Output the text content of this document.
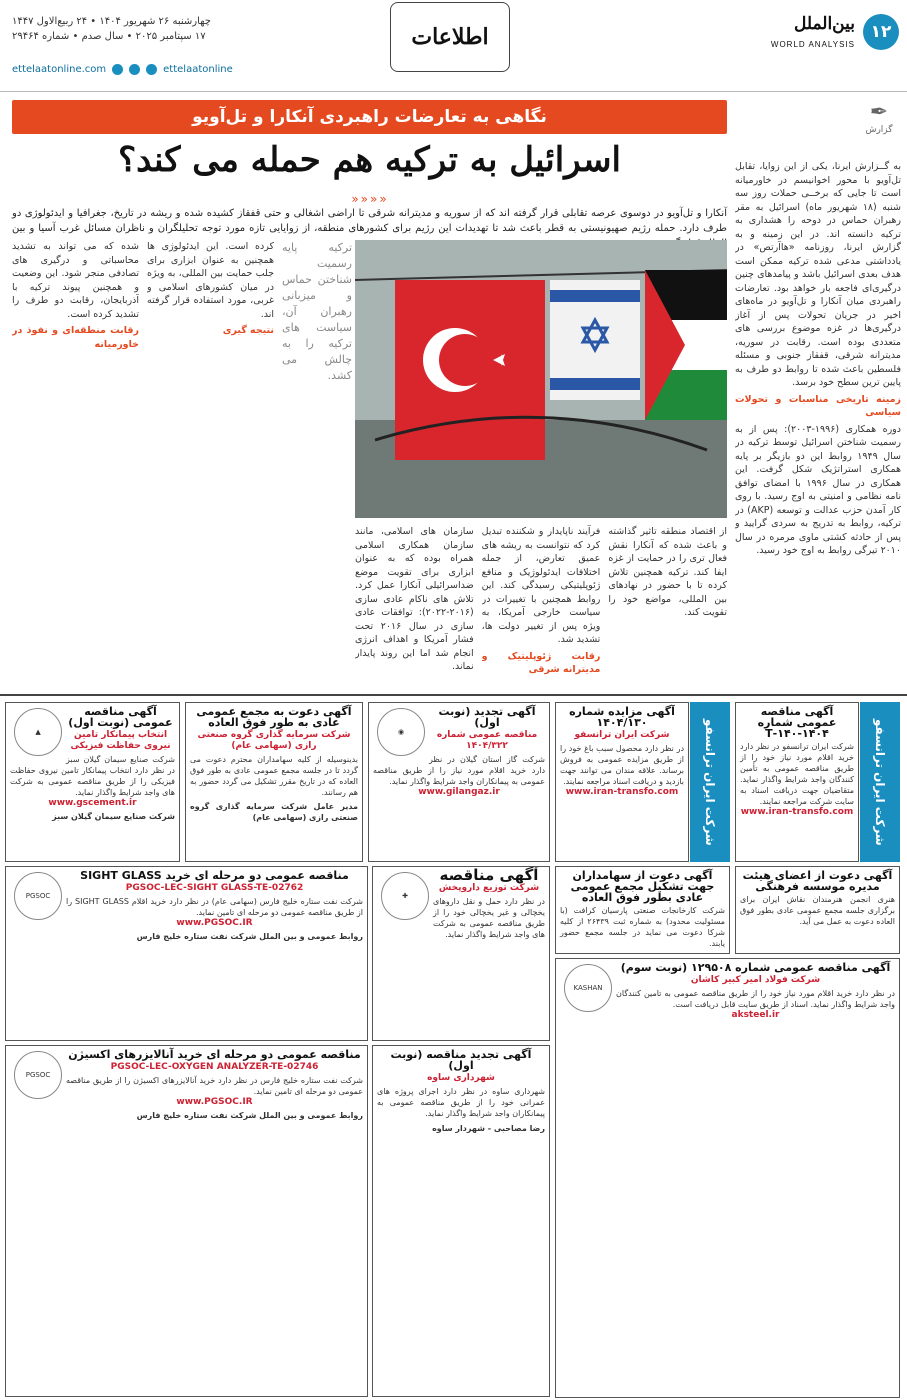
۱۲
بین‌الملل
WORLD ANALYSIS
اطلاعات
چهارشنبه ۲۶ شهریور ۱۴۰۴ • ۲۴ ربیع‌الاول ۱۴۴۷
۱۷ سپتامبر ۲۰۲۵ • سال صدم • شماره ۲۹۴۶۴
ettelaatonline.com	ettelaatonline
✒
گزارش

به گــزارش ایرنا، یکی از این زوایا، تقابل تل‌آویو با محور اخوانیسم در خاورمیانه است تا جایی که برخــی حملات روز سه شنبه (۱۸ شهریور ماه) اسرائیل به مقر رهبران حماس در دوحه را هشداری به ترکیه دانسته اند. در این زمینه و به گزارش ایرنا، روزنامه «هاآرتص» در یادداشتی مدعی شده ترکیه ممکن است هدف بعدی اسرائیل باشد و پیامدهای چنین درگیری‌ای فاجعه بار خواهد بود. تعارضات راهبردی میان آنکارا و تل‌آویو در ماه‌های اخیر در جریان تحولات پس از آغاز درگیری‌ها در غزه موضوع بررسی های متعددی بوده است. رقابت در سوریه، مدیترانه شرقی، قفقاز جنوبی و مسئله فلسطین باعث شده تا روابط دو طرف به پایین ترین سطح خود برسد.

زمینه تاریخی مناسبات و تحولات سیاسی

دوره همکاری (۱۹۹۶-۲۰۰۳): پس از به رسمیت شناختن اسرائیل توسط ترکیه در سال ۱۹۴۹ روابط این دو بازیگر بر پایه همکاری استراتژیک شکل گرفت. این همکاری در سال ۱۹۹۶ با امضای توافق نامه نظامی و امنیتی به اوج رسید. با روی کار آمدن حزب عدالت و توسعه (AKP) در ترکیه، روابط به تدریج به سردی گرایید و پس از حادثه کشتی ماوی مرمره در سال ۲۰۱۰ تیرگی روابط به اوج خود رسید.

نگاهی به تعارضات راهبردی آنکارا و تل‌آویو
اسرائیل به ترکیه هم حمله می کند؟
««««
آنکارا و تل‌آویو در دوسوی عرصه تقابلی قرار گرفته اند که از سوریه و مدیترانه شرقی تا اراضی اشغالی و حتی قفقاز کشیده شده و ریشه در تاریخ، جغرافیا و ایدئولوژی دو طرف دارد. حمله رژیم صهیونیستی به قطر باعث شد تا تهدیدات این رژیم برای کشورهای منطقه، از زوایایی تازه مورد توجه تحلیلگران و ناظران مسائل غرب آسیا و بین
ترکیه پایه رسمیت شناختن حماس و میزبانی رهبران آن، سیاست های ترکیه را به چالش می کشد.

کرده است. این ایدئولوژی ها همچنین به عنوان ابزاری برای جلب حمایت بین المللی، به ویژه در میان کشورهای اسلامی و غربی، مورد استفاده قرار گرفته اند.

نتیجه گیری

شده که می تواند به تشدید محاسباتی و درگیری های تصادفی منجر شود. این وضعیت و همچنین پیوند ترکیه با آذربایجان، رقابت دو طرف را تشدید کرده است.

رقابت منطقه‌ای و نفوذ در خاورمیانه
از اقتصاد منطقه تاثیر گذاشته و باعث شده که آنکارا نقش فعال تری را در حمایت از غزه ایفا کند. ترکیه همچنین تلاش کرده تا با حضور در نهادهای بین المللی، مواضع خود را تقویت کند.

فرآیند ناپایدار و شکننده تبدیل کرد که نتوانست به ریشه های عمیق تعارض، از جمله اختلافات ایدئولوژیک و منافع ژئوپلیتیکی رسیدگی کند. این روابط همچنین با تغییرات در سیاست خارجی آمریکا، به ویژه پس از تغییر دولت ها، تشدید شد.

رقابت ژئوپلیتیک و مدیترانه شرقی
سازمان های اسلامی، مانند سازمان همکاری اسلامی همراه بوده که به عنوان ابزاری برای تقویت موضع ضداسرائیلی آنکارا عمل کرد. تلاش های ناکام عادی سازی (۲۰۱۶-۲۰۲۲): توافقات عادی سازی در سال ۲۰۱۶ تحت فشار آمریکا و اهداف انرژی انجام شد اما این روند پایدار نماند.
شرکت ایران ترانسفو
آگهی مناقصه عمومی شماره ۱۴۰۴-۱۴۰-T
شرکت ایران ترانسفو در نظر دارد خرید اقلام مورد نیاز خود را از طریق مناقصه عمومی به تأمین کنندگان واجد شرایط واگذار نماید. متقاضیان جهت دریافت اسناد به سایت شرکت مراجعه نمایند.
www.iran-transfo.com
شرکت ایران ترانسفو
آگهی مزایده شماره ۱۴۰۴/۱۳۰
شرکت ایران ترانسفو
در نظر دارد محصول سبب باغ خود را از طریق مزایده عمومی به فروش برساند. علاقه مندان می توانند جهت بازدید و دریافت اسناد مراجعه نمایند.
www.iran-transfo.com
◉
آگهی تجدید (نوبت اول)
مناقصه عمومی شماره ۱۴۰۴/۳۲۲
شرکت گاز استان گیلان در نظر دارد خرید اقلام مورد نیاز را از طریق مناقصه عمومی به پیمانکاران واجد شرایط واگذار نماید.
www.gilangaz.ir
آگهی دعوت به مجمع عمومی عادی به طور فوق العاده
شرکت سرمایه گذاری گروه صنعتی رازی (سهامی عام)
بدینوسیله از کلیه سهامداران محترم دعوت می گردد تا در جلسه مجمع عمومی عادی به طور فوق العاده که در تاریخ مقرر تشکیل می گردد حضور به هم رسانند.
مدیر عامل شرکت سرمایه گذاری گروه صنعتی رازی (سهامی عام)
▲
آگهی مناقصه عمومی (نوبت اول)
انتخاب پیمانکار تامین نیروی حفاظت فیزیکی
شرکت صنایع سیمان گیلان سبز در نظر دارد انتخاب پیمانکار تامین نیروی حفاظت فیزیکی را از طریق مناقصه عمومی به شرکت های واجد شرایط واگذار نماید.
www.gscement.ir
شرکت صنایع سیمان گیلان سبز
آگهی دعوت از سهامداران جهت تشکیل مجمع عمومی عادی بطور فوق العاده
شرکت کارخانجات صنعتی پارسیان کرافت (با مسئولیت محدود) به شماره ثبت ۲۶۴۳۹ از کلیه شرکا دعوت می نماید در جلسه مجمع حضور یابند.
آگهی دعوت از اعضای هیئت مدیره موسسه فرهنگی
هنری انجمن هنرمندان نقاش ایران برای برگزاری جلسه مجمع عمومی عادی بطور فوق العاده دعوت به عمل می آید.
PGSOC
مناقصه عمومی دو مرحله ای خرید SIGHT GLASS
PGSOC-LEC-SIGHT GLASS-TE-02762
شرکت نفت ستاره خلیج فارس (سهامی عام) در نظر دارد خرید اقلام SIGHT GLASS را از طریق مناقصه عمومی دو مرحله ای تامین نماید.
www.PGSOC.IR
روابط عمومی و بین الملل شرکت نفت ستاره خلیج فارس
✚
آگهی مناقصه
شرکت توزیع داروپخش
در نظر دارد حمل و نقل داروهای یخچالی و غیر یخچالی خود را از طریق مناقصه عمومی به شرکت های واجد شرایط واگذار نماید.
KASHAN
آگهی مناقصه عمومی شماره ۱۲۹۵۰۸ (نوبت سوم)
شرکت فولاد امیر کبیر کاشان
در نظر دارد خرید اقلام مورد نیاز خود را از طریق مناقصه عمومی به تامین کنندگان واجد شرایط واگذار نماید. اسناد از طریق سایت قابل دریافت است.
aksteel.ir
PGSOC
مناقصه عمومی دو مرحله ای خرید آنالایزرهای اکسیژن
PGSOC-LEC-OXYGEN ANALYZER-TE-02746
شرکت نفت ستاره خلیج فارس در نظر دارد خرید آنالایزرهای اکسیژن را از طریق مناقصه عمومی دو مرحله ای تامین نماید.
www.PGSOC.IR
روابط عمومی و بین الملل شرکت نفت ستاره خلیج فارس
آگهی تجدید مناقصه (نوبت اول)
شهرداری ساوه
شهرداری ساوه در نظر دارد اجرای پروژه های عمرانی خود را از طریق مناقصه عمومی به پیمانکاران واجد شرایط واگذار نماید.
رضا مصاحبی - شهردار ساوه
